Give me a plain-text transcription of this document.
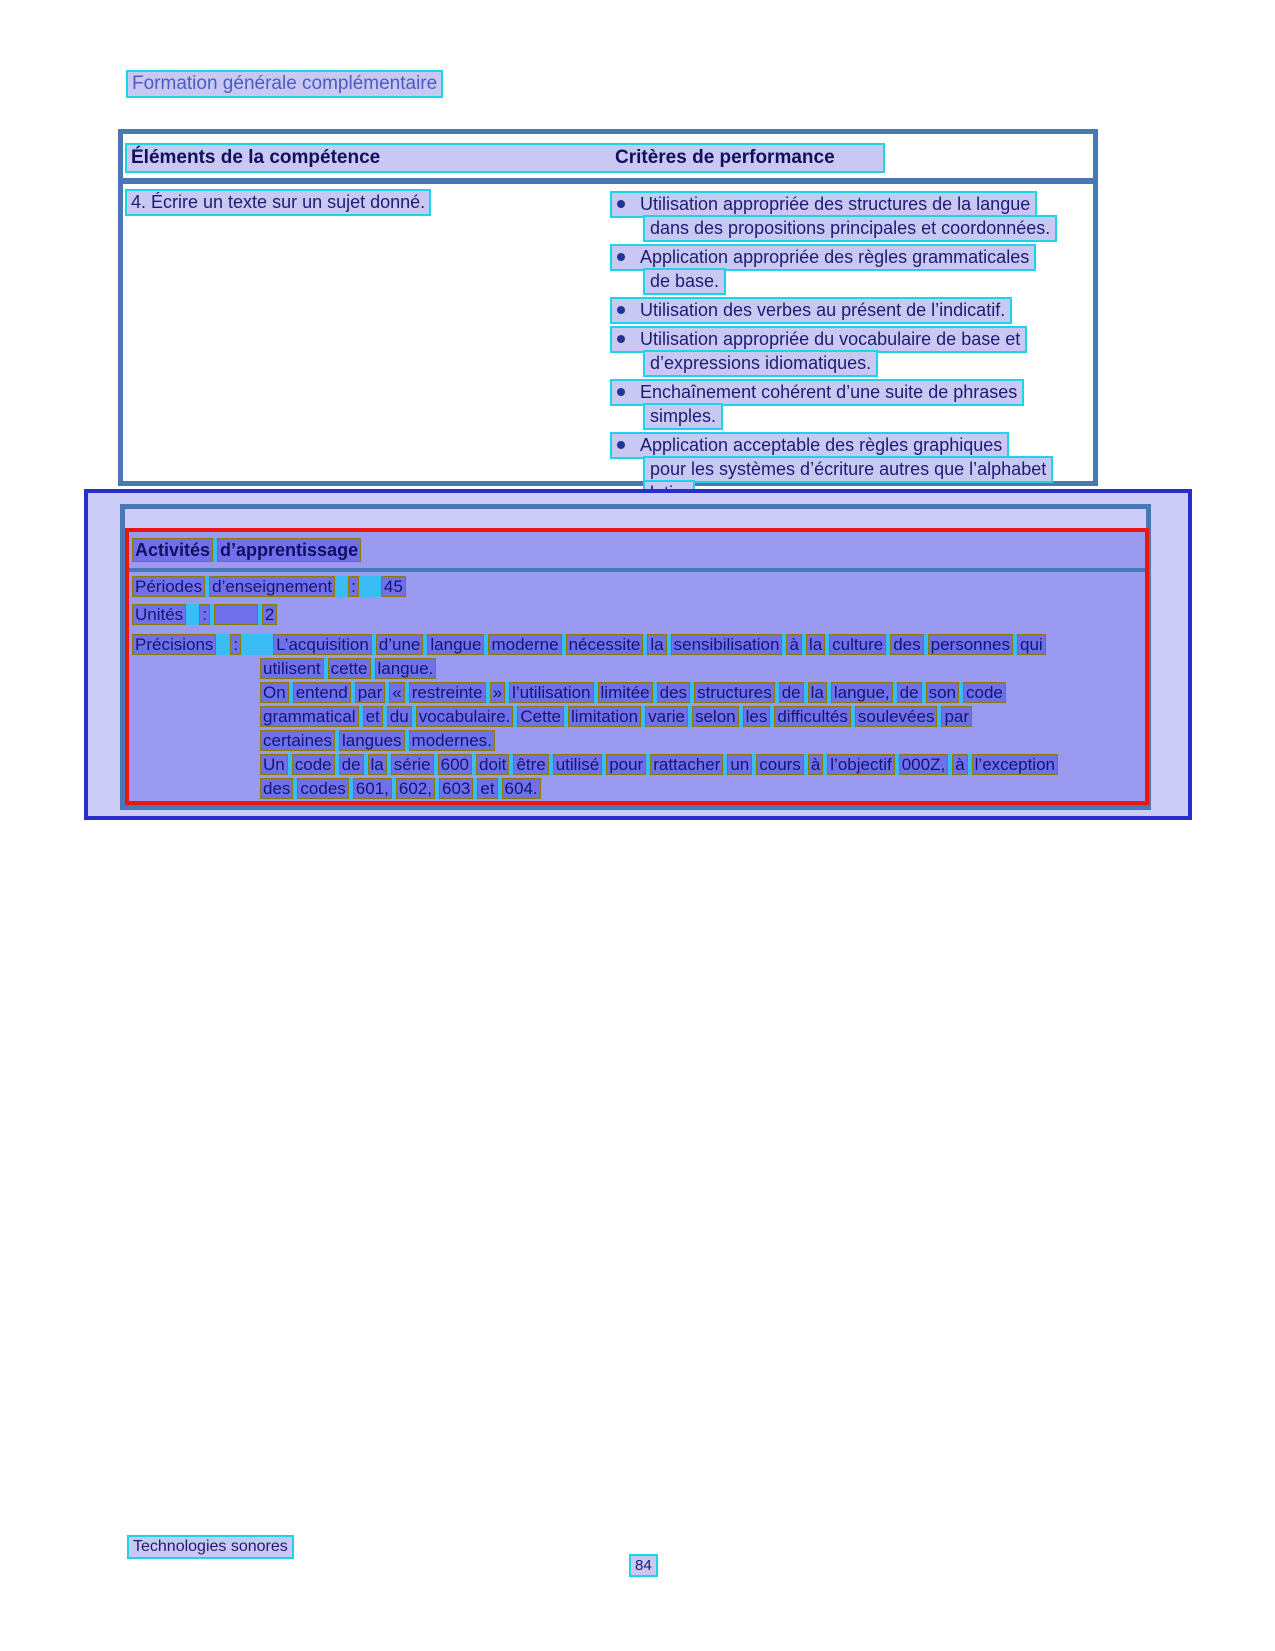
Formation générale complémentaire
Éléments de la compétence	Critères de performance
4. Écrire un texte sur un sujet donné.	Utilisation appropriée des structures de la langue
dans des propositions principales et coordonnées.
Application appropriée des règles grammaticales
de base.
Utilisation des verbes au présent de l’indicatif.
Utilisation appropriée du vocabulaire de base et
d’expressions idiomatiques.
Enchaînement cohérent d’une suite de phrases
simples.
Application acceptable des règles graphiques
pour les systèmes d’écriture autres que l’alphabet
Activités d’apprentissage
Périodes d’enseignement : 45
Unités :	2
Précisions : L’acquisition d’une langue moderne nécessite la sensibilisation à la culture des personnes qui
utilisent cette langue.
On entend par « restreinte » l’utilisation limitée des structures de la langue, de son code
grammatical et du vocabulaire. Cette limitation varie selon les difficultés soulevées par
certaines langues modernes.
Un code de la série 600 doit être utilisé pour rattacher un cours à l’objectif 000Z, à l’exception
des codes 601, 602, 603 et 604.
Technologies sonores
84
